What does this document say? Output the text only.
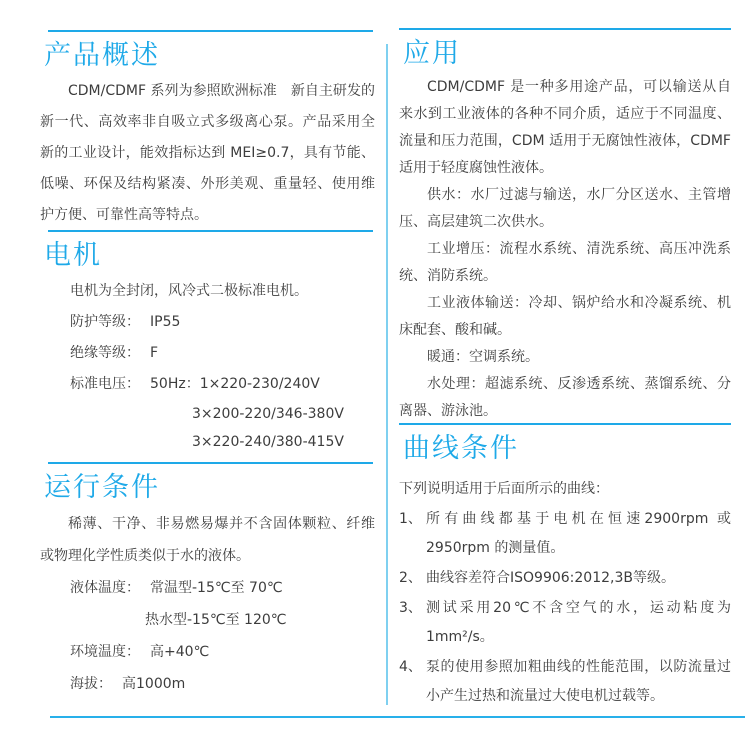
产品概述

CDM/CDMF 系列为参照欧洲标准　新自主研发的新一代、高效率非自吸立式多级离心泵。产品采用全新的工业设计，能效指标达到 MEI≥0.7，具有节能、低噪、环保及结构紧凑、外形美观、重量轻、使用维护方便、可靠性高等特点。

电机
电机为全封闭，风冷式二极标准电机。
防护等级： IP55
绝缘等级： F
标准电压： 50Hz：1×220-230/240V
3×200-220/346-380V
3×220-240/380-415V
运行条件

稀薄、干净、非易燃易爆并不含固体颗粒、纤维或物理化学性质类似于水的液体。

液体温度： 常温型-15℃至 70℃
热水型-15℃至 120℃
环境温度： 高+40℃
海拔： 高1000m
应用

CDM/CDMF 是一种多用途产品，可以输送从自来水到工业液体的各种不同介质，适应于不同温度、流量和压力范围，CDM 适用于无腐蚀性液体，CDMF 适用于轻度腐蚀性液体。

供水：水厂过滤与输送，水厂分区送水、主管增压、高层建筑二次供水。

工业增压：流程水系统、清洗系统、高压冲洗系统、消防系统。

工业液体输送：冷却、锅炉给水和冷凝系统、机床配套、酸和碱。

暖通：空调系统。

水处理：超滤系统、反渗透系统、蒸馏系统、分离器、游泳池。

曲线条件
下列说明适用于后面所示的曲线：
1、 所有曲线都基于电机在恒速2900rpm 或2950rpm 的测量值。
2、 曲线容差符合ISO9906:2012,3B等级。
3、 测试采用20℃不含空气的水，运动粘度为1mm²/s。
4、 泵的使用参照加粗曲线的性能范围，以防流量过小产生过热和流量过大使电机过载等。
